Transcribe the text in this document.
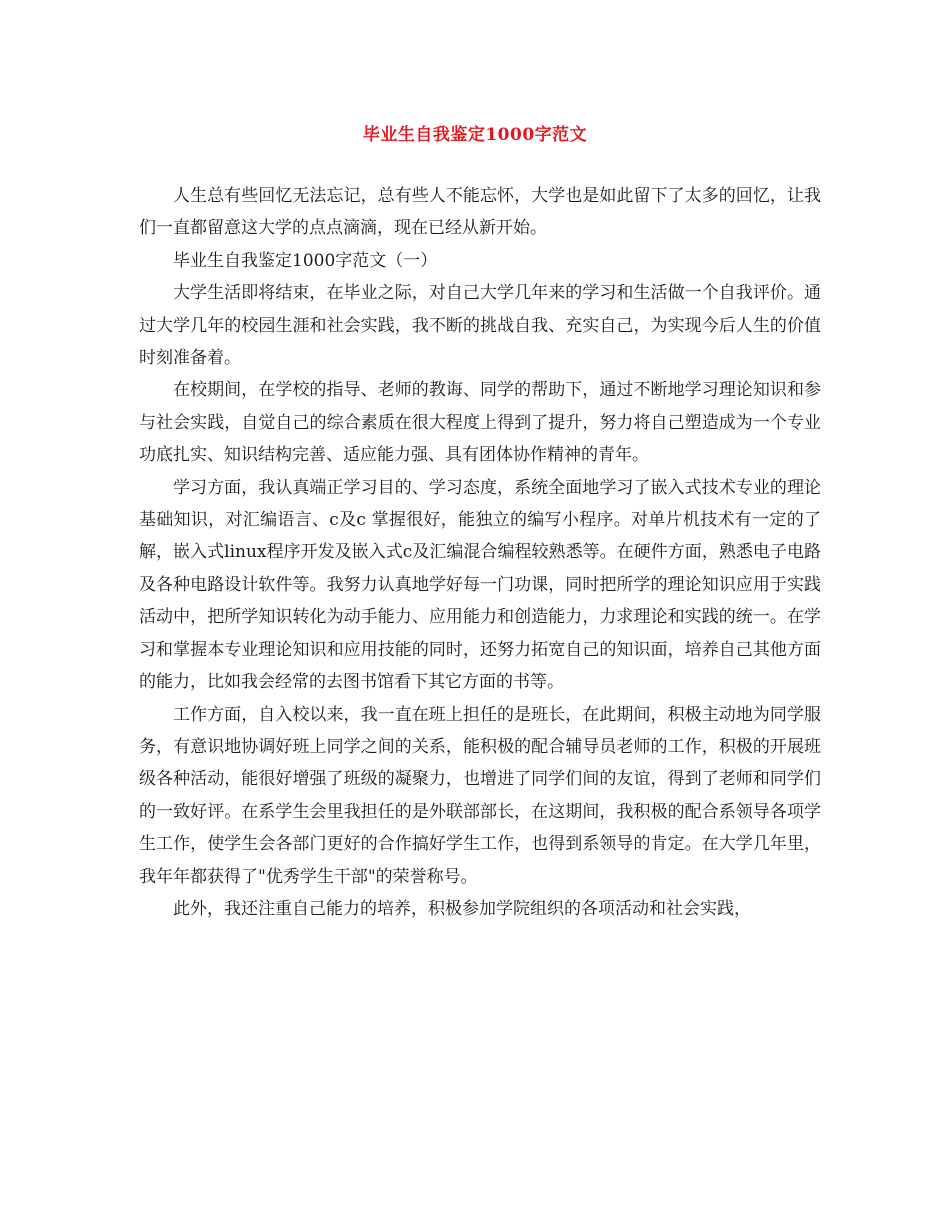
毕业生自我鉴定1000字范文

人生总有些回忆无法忘记，总有些人不能忘怀，大学也是如此留下了太多的回忆，让我们一直都留意这大学的点点滴滴，现在已经从新开始。

毕业生自我鉴定1000字范文（一）

大学生活即将结束，在毕业之际，对自己大学几年来的学习和生活做一个自我评价。通过大学几年的校园生涯和社会实践，我不断的挑战自我、充实自己，为实现今后人生的价值时刻准备着。

在校期间，在学校的指导、老师的教诲、同学的帮助下，通过不断地学习理论知识和参与社会实践，自觉自己的综合素质在很大程度上得到了提升，努力将自己塑造成为一个专业功底扎实、知识结构完善、适应能力强、具有团体协作精神的青年。

学习方面，我认真端正学习目的、学习态度，系统全面地学习了嵌入式技术专业的理论基础知识，对汇编语言、c及c 掌握很好，能独立的编写小程序。对单片机技术有一定的了解，嵌入式linux程序开发及嵌入式c及汇编混合编程较熟悉等。在硬件方面，熟悉电子电路及各种电路设计软件等。我努力认真地学好每一门功课，同时把所学的理论知识应用于实践活动中，把所学知识转化为动手能力、应用能力和创造能力，力求理论和实践的统一。在学习和掌握本专业理论知识和应用技能的同时，还努力拓宽自己的知识面，培养自己其他方面的能力，比如我会经常的去图书馆看下其它方面的书等。

工作方面，自入校以来，我一直在班上担任的是班长，在此期间，积极主动地为同学服务，有意识地协调好班上同学之间的关系，能积极的配合辅导员老师的工作，积极的开展班级各种活动，能很好增强了班级的凝聚力，也增进了同学们间的友谊，得到了老师和同学们的一致好评。在系学生会里我担任的是外联部部长，在这期间，我积极的配合系领导各项学生工作，使学生会各部门更好的合作搞好学生工作，也得到系领导的肯定。在大学几年里，我年年都获得了"优秀学生干部"的荣誉称号。

此外，我还注重自己能力的培养，积极参加学院组织的各项活动和社会实践，
